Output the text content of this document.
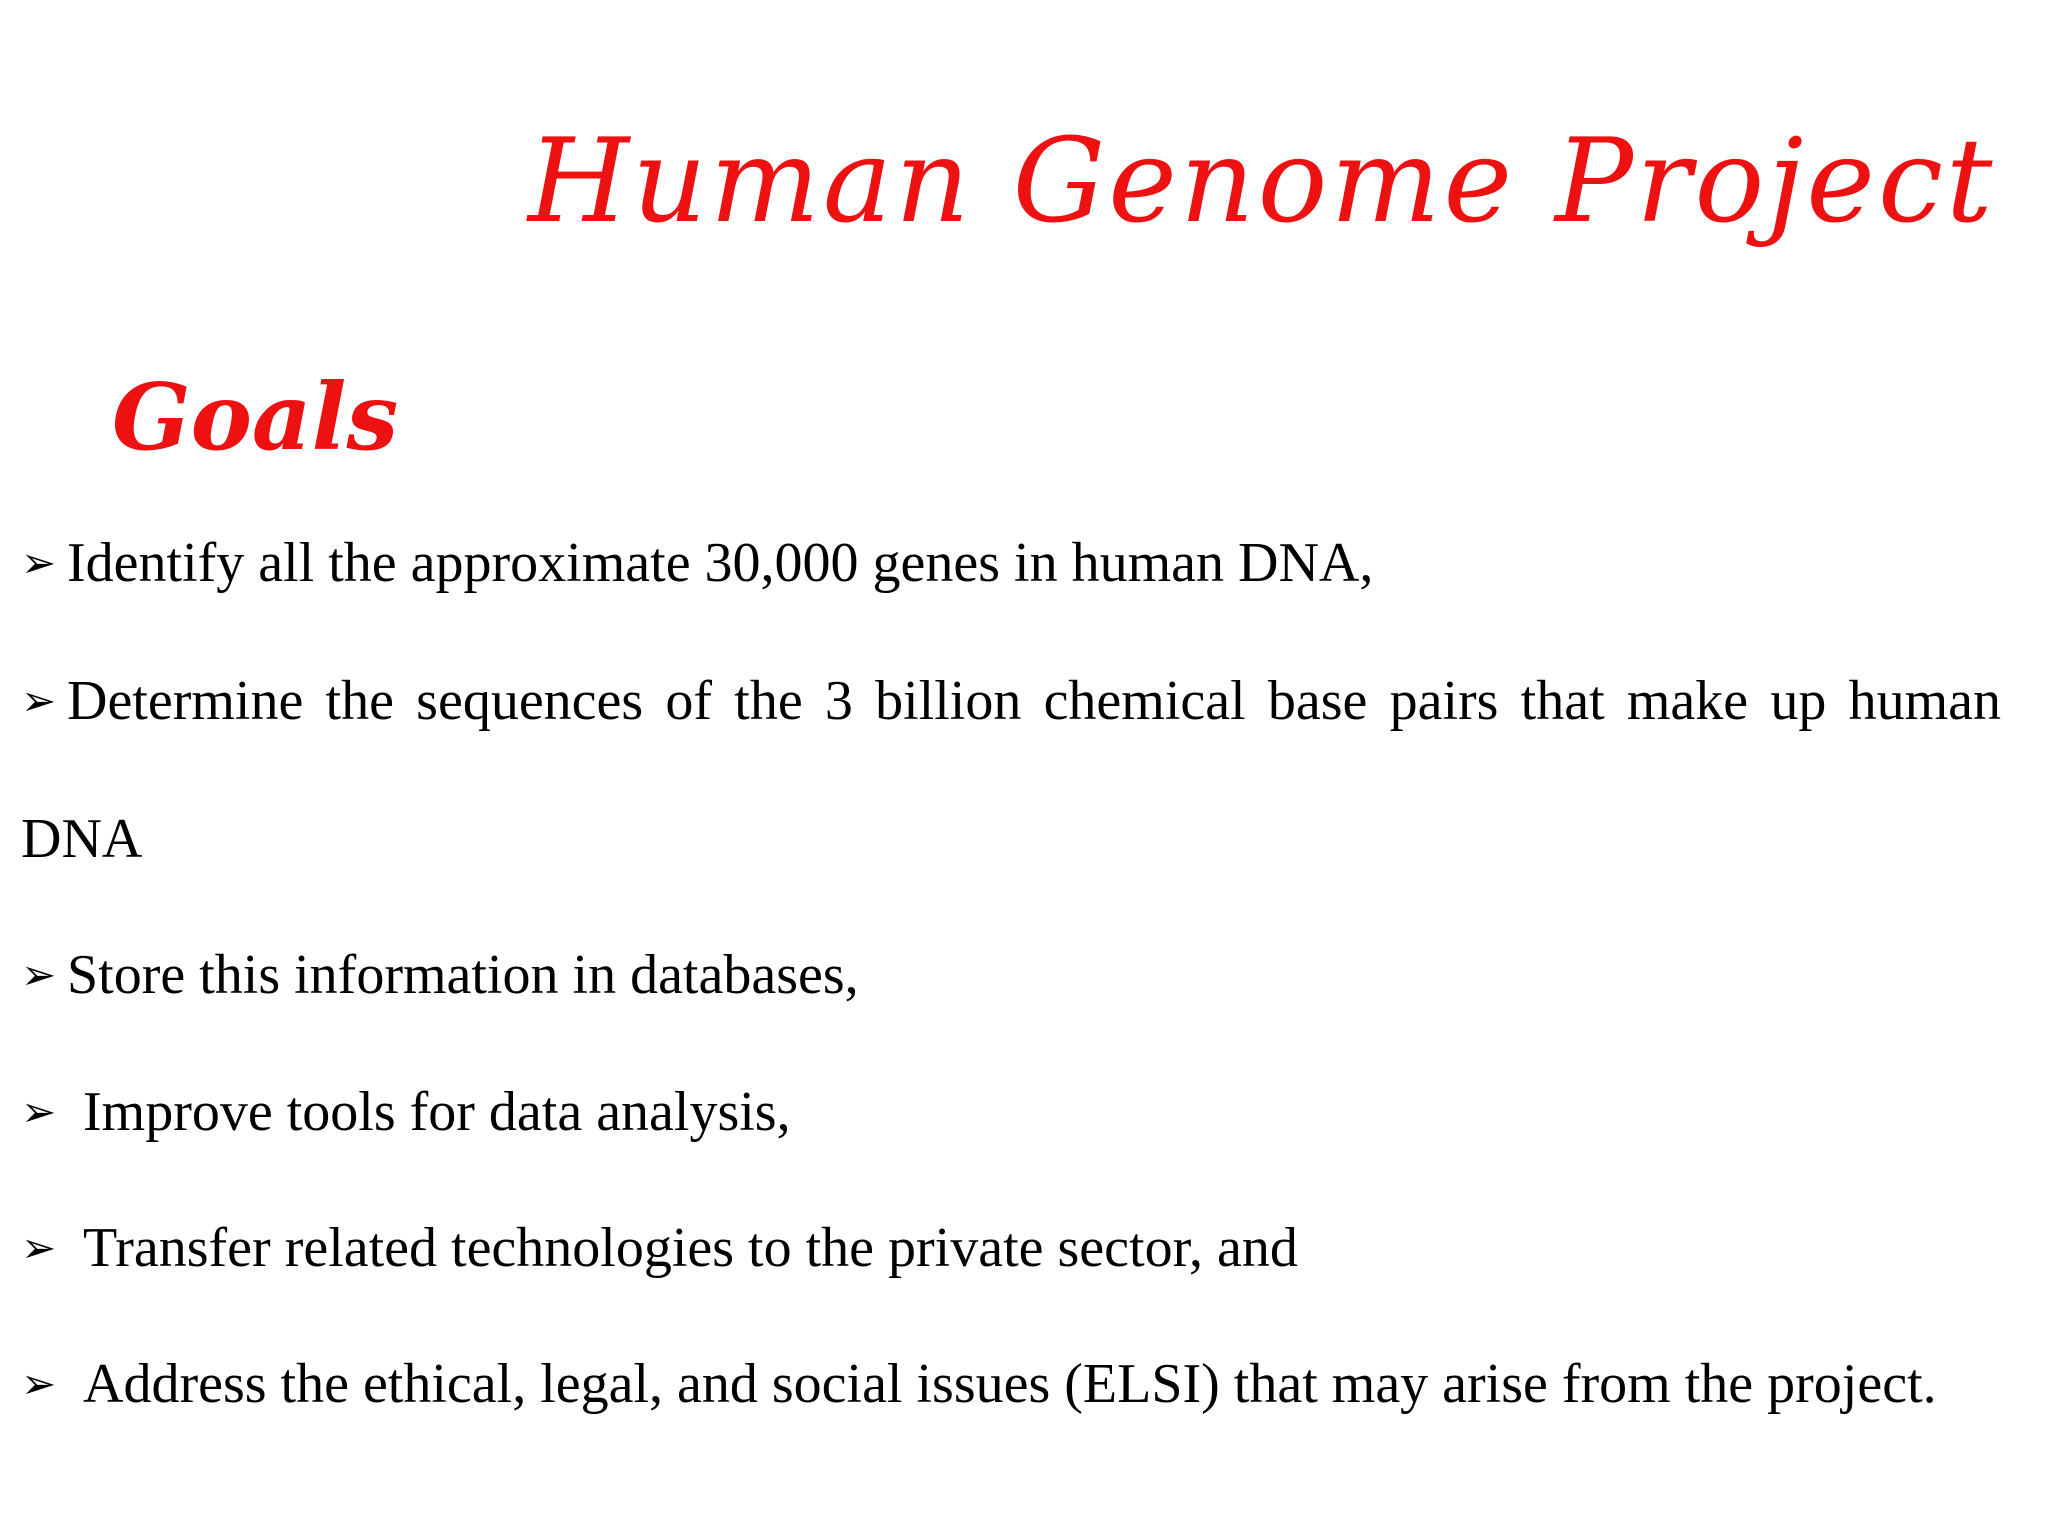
Human Genome Project
Goals
➢ Identify all the approximate 30,000 genes in human DNA,
➢ Determine the sequences of the 3 billion chemical base pairs that make up human
DNA
➢ Store this information in databases,
➢ Improve tools for data analysis,
➢ Transfer related technologies to the private sector, and
➢ Address the ethical, legal, and social issues (ELSI) that may arise from the project.
